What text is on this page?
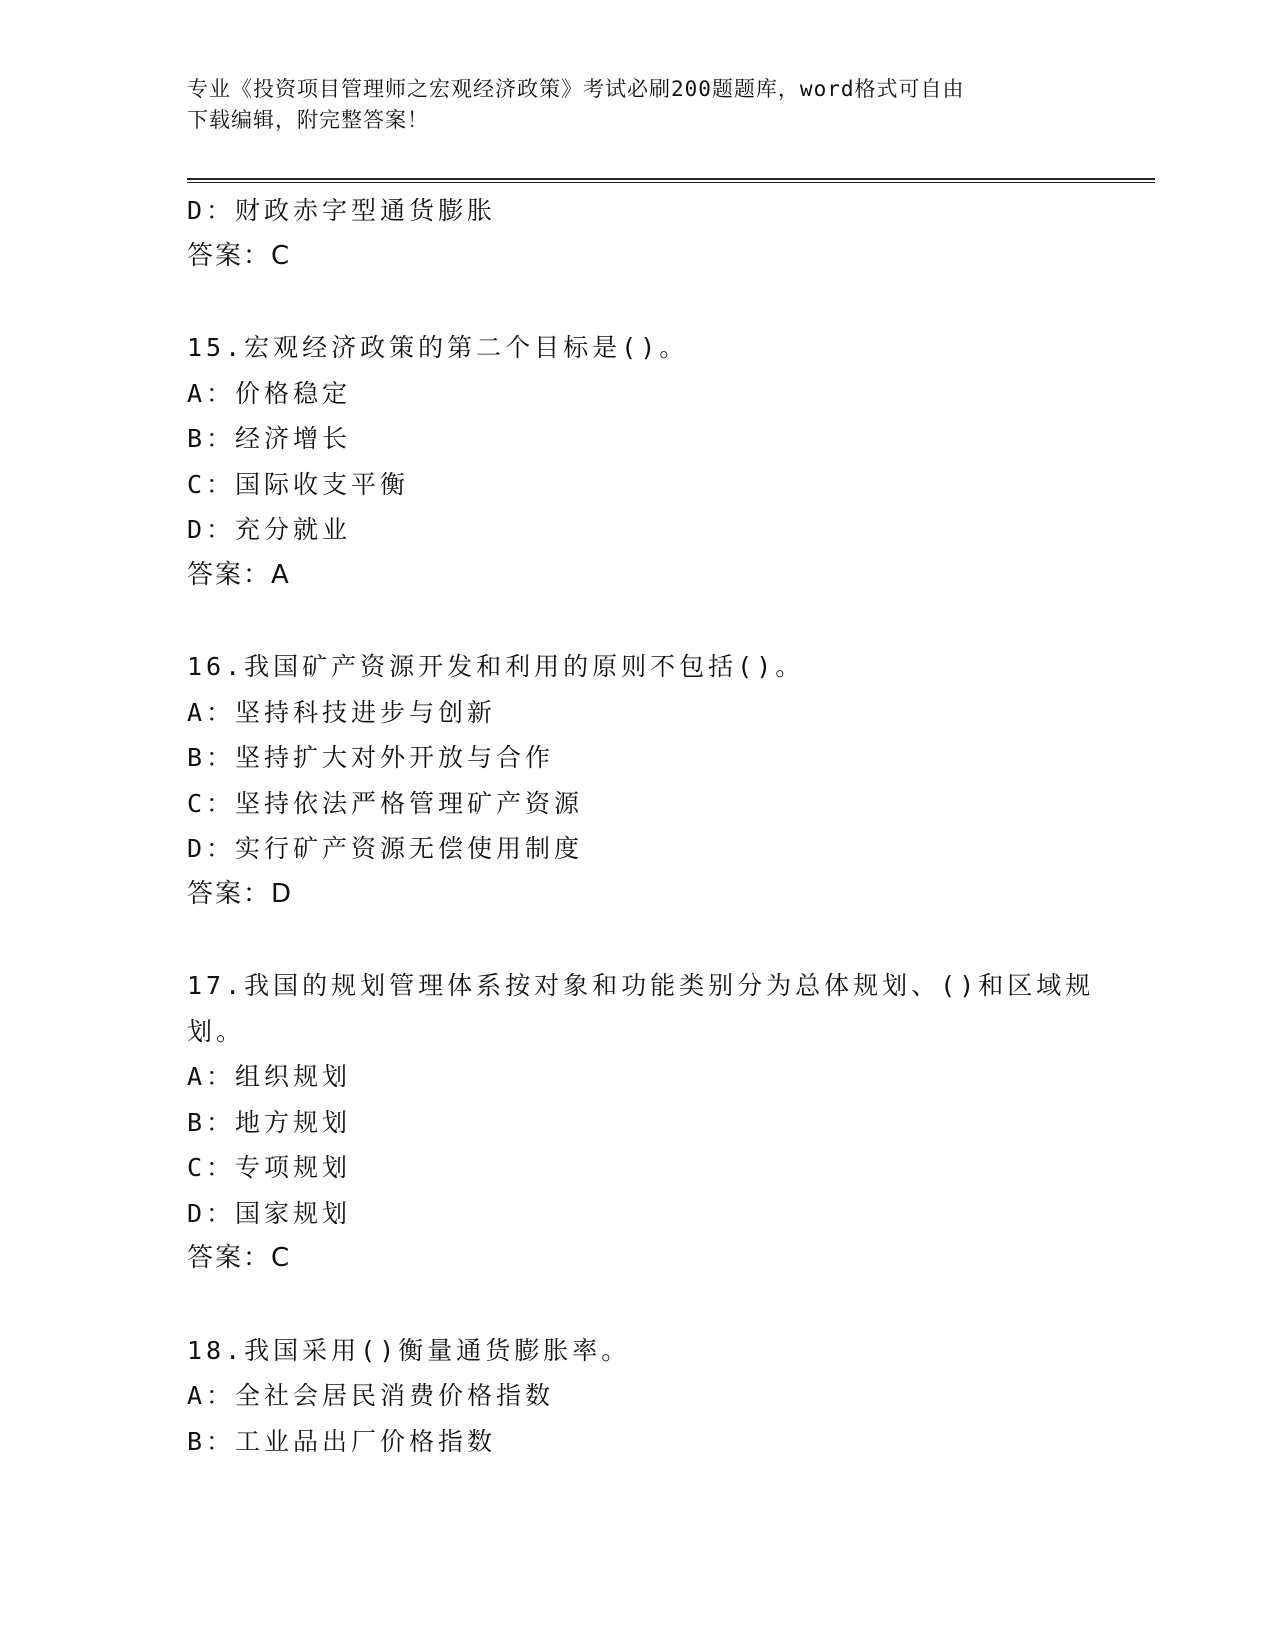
专业《投资项目管理师之宏观经济政策》考试必刷200题题库，word格式可自由
下载编辑，附完整答案！
D：财政赤字型通货膨胀
答案：C
15.宏观经济政策的第二个目标是()。
A：价格稳定
B：经济增长
C：国际收支平衡
D：充分就业
答案：A
16.我国矿产资源开发和利用的原则不包括()。
A：坚持科技进步与创新
B：坚持扩大对外开放与合作
C：坚持依法严格管理矿产资源
D：实行矿产资源无偿使用制度
答案：D
17.我国的规划管理体系按对象和功能类别分为总体规划、()和区域规
划。
A：组织规划
B：地方规划
C：专项规划
D：国家规划
答案：C
18.我国采用()衡量通货膨胀率。
A：全社会居民消费价格指数
B：工业品出厂价格指数
